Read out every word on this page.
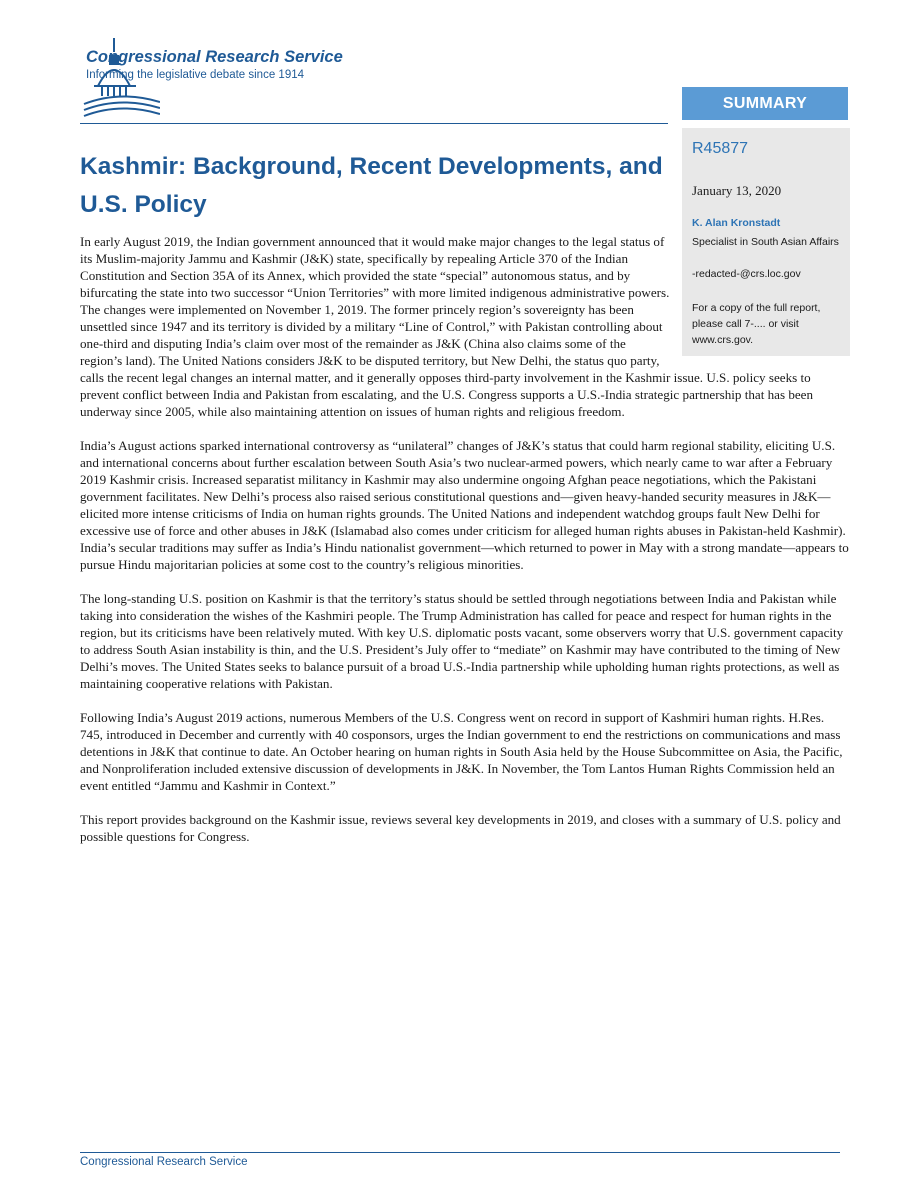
Congressional Research Service
Informing the legislative debate since 1914
SUMMARY
R45877
January 13, 2020
K. Alan Kronstadt
Specialist in South Asian Affairs
-redacted-@crs.loc.gov
For a copy of the full report, please call 7-.... or visit www.crs.gov.
Kashmir: Background, Recent Developments, and U.S. Policy

In early August 2019, the Indian government announced that it would make major changes to the legal status of its Muslim-majority Jammu and Kashmir (J&K) state, specifically by repealing Article 370 of the Indian Constitution and Section 35A of its Annex, which provided the state “special” autonomous status, and by bifurcating the state into two successor “Union Territories” with more limited indigenous administrative powers. The changes were implemented on November 1, 2019. The former princely region’s sovereignty has been unsettled since 1947 and its territory is divided by a military “Line of Control,” with Pakistan controlling about one-third and disputing India’s claim over most of the remainder as J&K (China also claims some of the region’s land). The United Nations considers J&K to be disputed territory, but New Delhi, the status quo party, calls the recent legal changes an internal matter, and it generally opposes third-party involvement in the Kashmir issue. U.S. policy seeks to prevent conflict between India and Pakistan from escalating, and the U.S. Congress supports a U.S.-India strategic partnership that has been underway since 2005, while also maintaining attention on issues of human rights and religious freedom.

India’s August actions sparked international controversy as “unilateral” changes of J&K’s status that could harm regional stability, eliciting U.S. and international concerns about further escalation between South Asia’s two nuclear-armed powers, which nearly came to war after a February 2019 Kashmir crisis. Increased separatist militancy in Kashmir may also undermine ongoing Afghan peace negotiations, which the Pakistani government facilitates. New Delhi’s process also raised serious constitutional questions and—given heavy-handed security measures in J&K—elicited more intense criticisms of India on human rights grounds. The United Nations and independent watchdog groups fault New Delhi for excessive use of force and other abuses in J&K (Islamabad also comes under criticism for alleged human rights abuses in Pakistan-held Kashmir). India’s secular traditions may suffer as India’s Hindu nationalist government—which returned to power in May with a strong mandate—appears to pursue Hindu majoritarian policies at some cost to the country’s religious minorities.

The long-standing U.S. position on Kashmir is that the territory’s status should be settled through negotiations between India and Pakistan while taking into consideration the wishes of the Kashmiri people. The Trump Administration has called for peace and respect for human rights in the region, but its criticisms have been relatively muted. With key U.S. diplomatic posts vacant, some observers worry that U.S. government capacity to address South Asian instability is thin, and the U.S. President’s July offer to “mediate” on Kashmir may have contributed to the timing of New Delhi’s moves. The United States seeks to balance pursuit of a broad U.S.-India partnership while upholding human rights protections, as well as maintaining cooperative relations with Pakistan.

Following India’s August 2019 actions, numerous Members of the U.S. Congress went on record in support of Kashmiri human rights. H.Res. 745, introduced in December and currently with 40 cosponsors, urges the Indian government to end the restrictions on communications and mass detentions in J&K that continue to date. An October hearing on human rights in South Asia held by the House Subcommittee on Asia, the Pacific, and Nonproliferation included extensive discussion of developments in J&K. In November, the Tom Lantos Human Rights Commission held an event entitled “Jammu and Kashmir in Context.”

This report provides background on the Kashmir issue, reviews several key developments in 2019, and closes with a summary of U.S. policy and possible questions for Congress.

Congressional Research Service
